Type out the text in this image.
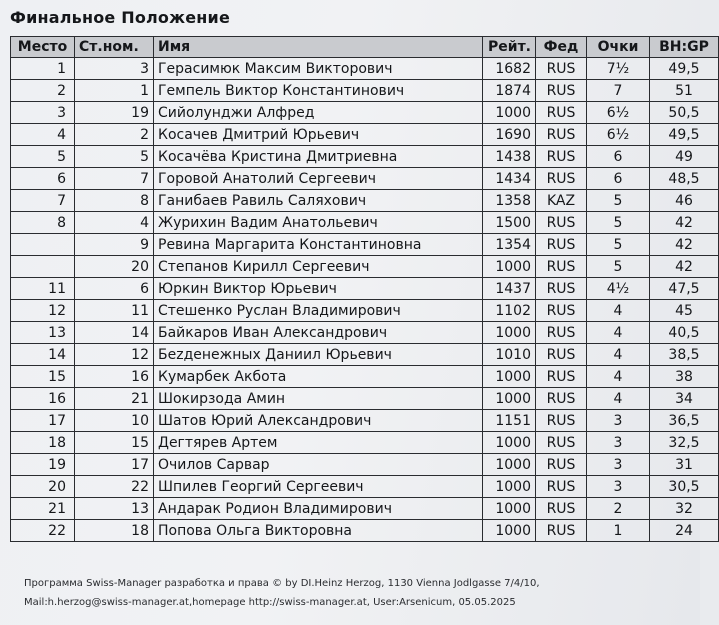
Финальное Положение
Место	Ст.ном.	Имя	Рейт.	Фед	Очки	BH:GP
1	3	Герасимюк Максим Викторович	1682	RUS	7½	49,5
2	1	Гемпель Виктор Константинович	1874	RUS	7	51
3	19	Сийолунджи Алфред	1000	RUS	6½	50,5
4	2	Косачев Дмитрий Юрьевич	1690	RUS	6½	49,5
5	5	Косачёва Кристина Дмитриевна	1438	RUS	6	49
6	7	Горовой Анатолий Сергеевич	1434	RUS	6	48,5
7	8	Ганибаев Равиль Саляхович	1358	KAZ	5	46
8	4	Журихин Вадим Анатольевич	1500	RUS	5	42
	9	Ревина Маргарита Константиновна	1354	RUS	5	42
	20	Степанов Кирилл Сергеевич	1000	RUS	5	42
11	6	Юркин Виктор Юрьевич	1437	RUS	4½	47,5
12	11	Стешенко Руслан Владимирович	1102	RUS	4	45
13	14	Байкаров Иван Александрович	1000	RUS	4	40,5
14	12	Бezденежных Даниил Юрьевич	1010	RUS	4	38,5
15	16	Кумарбек Акбота	1000	RUS	4	38
16	21	Шокирзода Амин	1000	RUS	4	34
17	10	Шатов Юрий Александрович	1151	RUS	3	36,5
18	15	Дегтярев Артем	1000	RUS	3	32,5
19	17	Очилов Сарвар	1000	RUS	3	31
20	22	Шпилев Георгий Сергеевич	1000	RUS	3	30,5
21	13	Андарак Родион Владимирович	1000	RUS	2	32
22	18	Попова Ольга Викторовна	1000	RUS	1	24
Программа Swiss-Manager разработка и права © by DI.Heinz Herzog, 1130 Vienna Jodlgasse 7/4/10,
Mail:h.herzog@swiss-manager.at,homepage http://swiss-manager.at, User:Arsenicum, 05.05.2025
